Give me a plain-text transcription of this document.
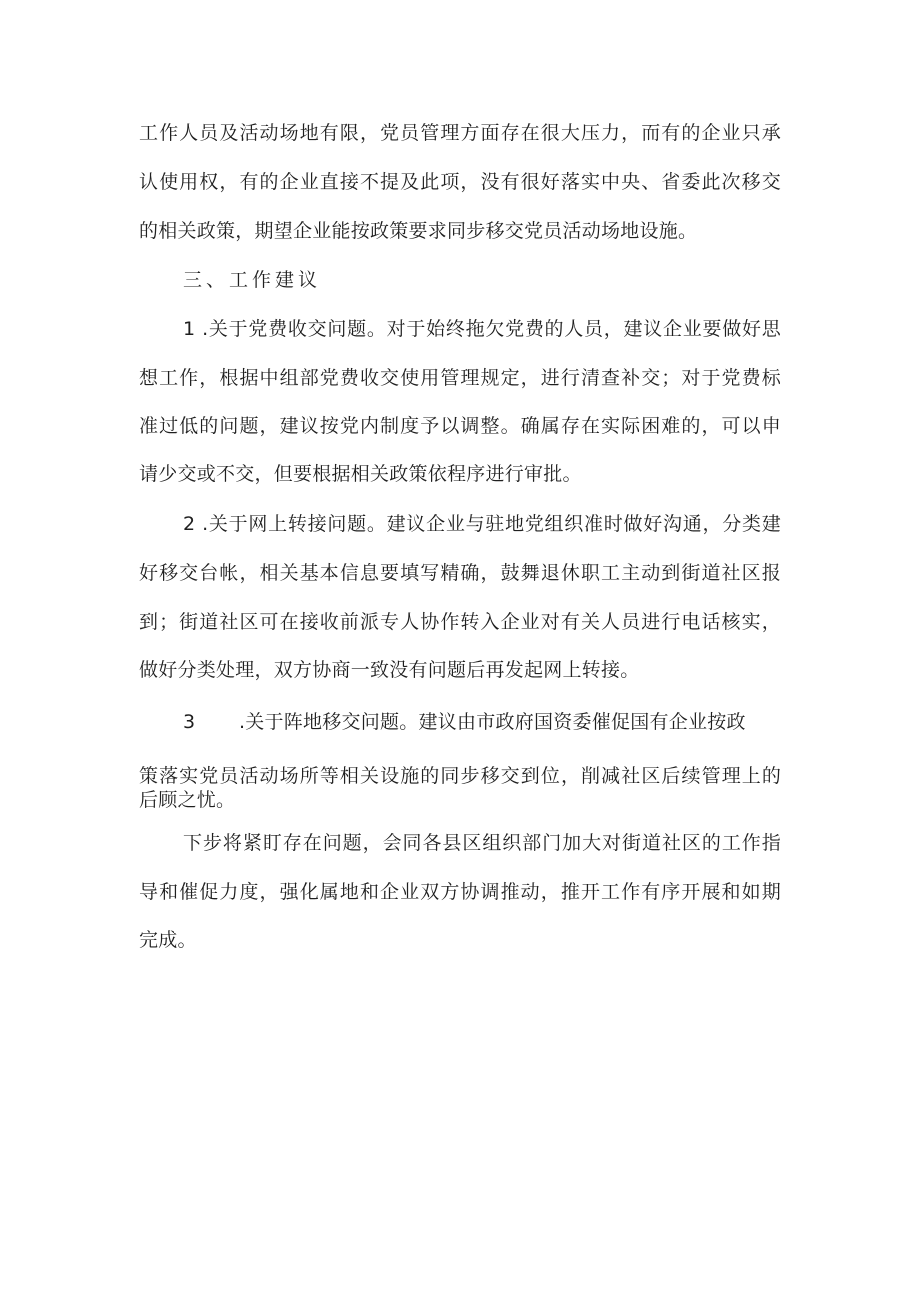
工作人员及活动场地有限，党员管理方面存在很大压力，而有的企业只承
认使用权，有的企业直接不提及此项，没有很好落实中央、省委此次移交
的相关政策，期望企业能按政策要求同步移交党员活动场地设施。
三、工作建议
1 .关于党费收交问题。对于始终拖欠党费的人员，建议企业要做好思
想工作，根据中组部党费收交使用管理规定，进行清查补交；对于党费标
准过低的问题，建议按党内制度予以调整。确属存在实际困难的，可以申
请少交或不交，但要根据相关政策依程序进行审批。
2 .关于网上转接问题。建议企业与驻地党组织准时做好沟通，分类建
好移交台帐，相关基本信息要填写精确，鼓舞退休职工主动到街道社区报
到；街道社区可在接收前派专人协作转入企业对有关人员进行电话核实，
做好分类处理，双方协商一致没有问题后再发起网上转接。
3 .关于阵地移交问题。建议由市政府国资委催促国有企业按政
策落实党员活动场所等相关设施的同步移交到位，削减社区后续管理上的
后顾之忧。
下步将紧盯存在问题，会同各县区组织部门加大对街道社区的工作指
导和催促力度，强化属地和企业双方协调推动，推开工作有序开展和如期
完成。
